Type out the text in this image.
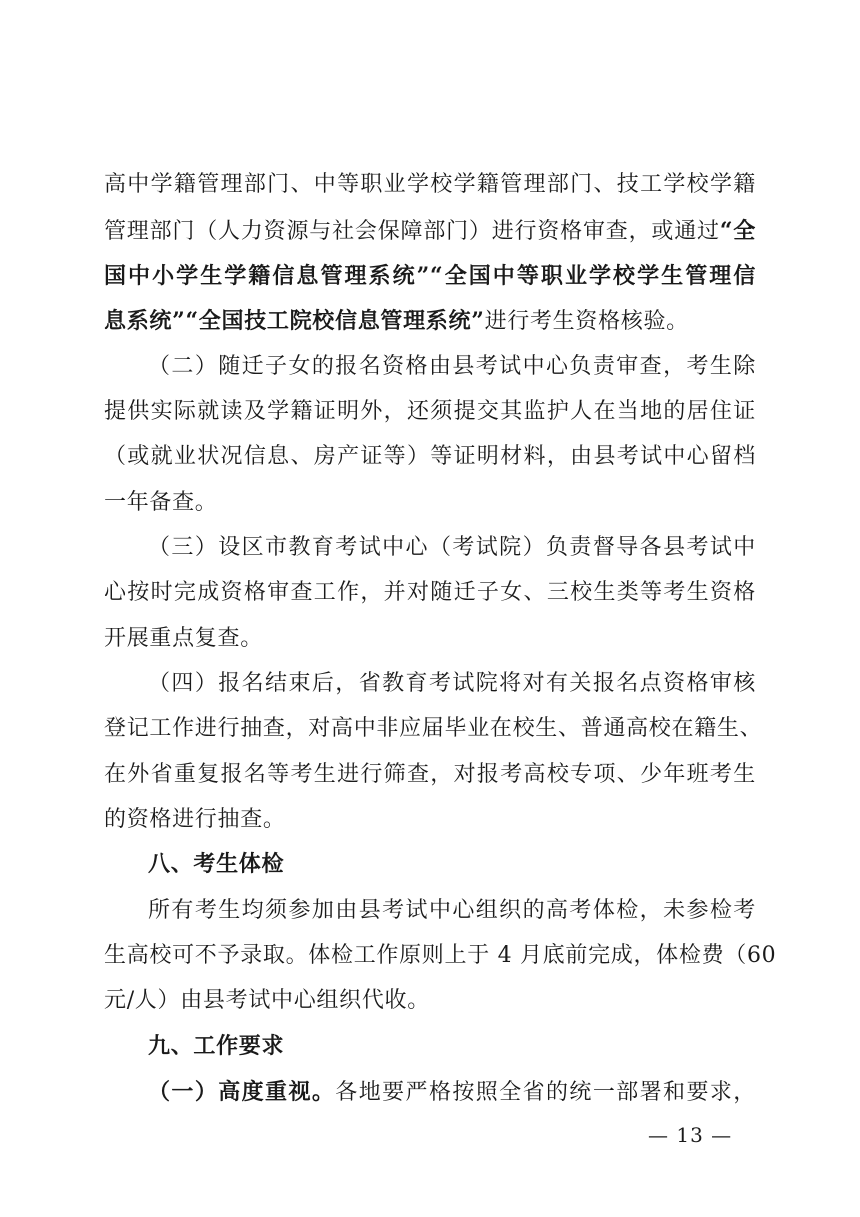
高中学籍管理部门、中等职业学校学籍管理部门、技工学校学籍
管理部门（人力资源与社会保障部门）进行资格审查，或通过“全
国中小学生学籍信息管理系统”“全国中等职业学校学生管理信
息系统”“全国技工院校信息管理系统”进行考生资格核验。
（二）随迁子女的报名资格由县考试中心负责审查，考生除
提供实际就读及学籍证明外，还须提交其监护人在当地的居住证
（或就业状况信息、房产证等）等证明材料，由县考试中心留档
一年备查。
（三）设区市教育考试中心（考试院）负责督导各县考试中
心按时完成资格审查工作，并对随迁子女、三校生类等考生资格
开展重点复查。
（四）报名结束后，省教育考试院将对有关报名点资格审核
登记工作进行抽查，对高中非应届毕业在校生、普通高校在籍生、
在外省重复报名等考生进行筛查，对报考高校专项、少年班考生
的资格进行抽查。
八、考生体检
所有考生均须参加由县考试中心组织的高考体检，未参检考
生高校可不予录取。体检工作原则上于 4 月底前完成，体检费（60
元/人）由县考试中心组织代收。
九、工作要求
（一）高度重视。各地要严格按照全省的统一部署和要求，
— 13 —
